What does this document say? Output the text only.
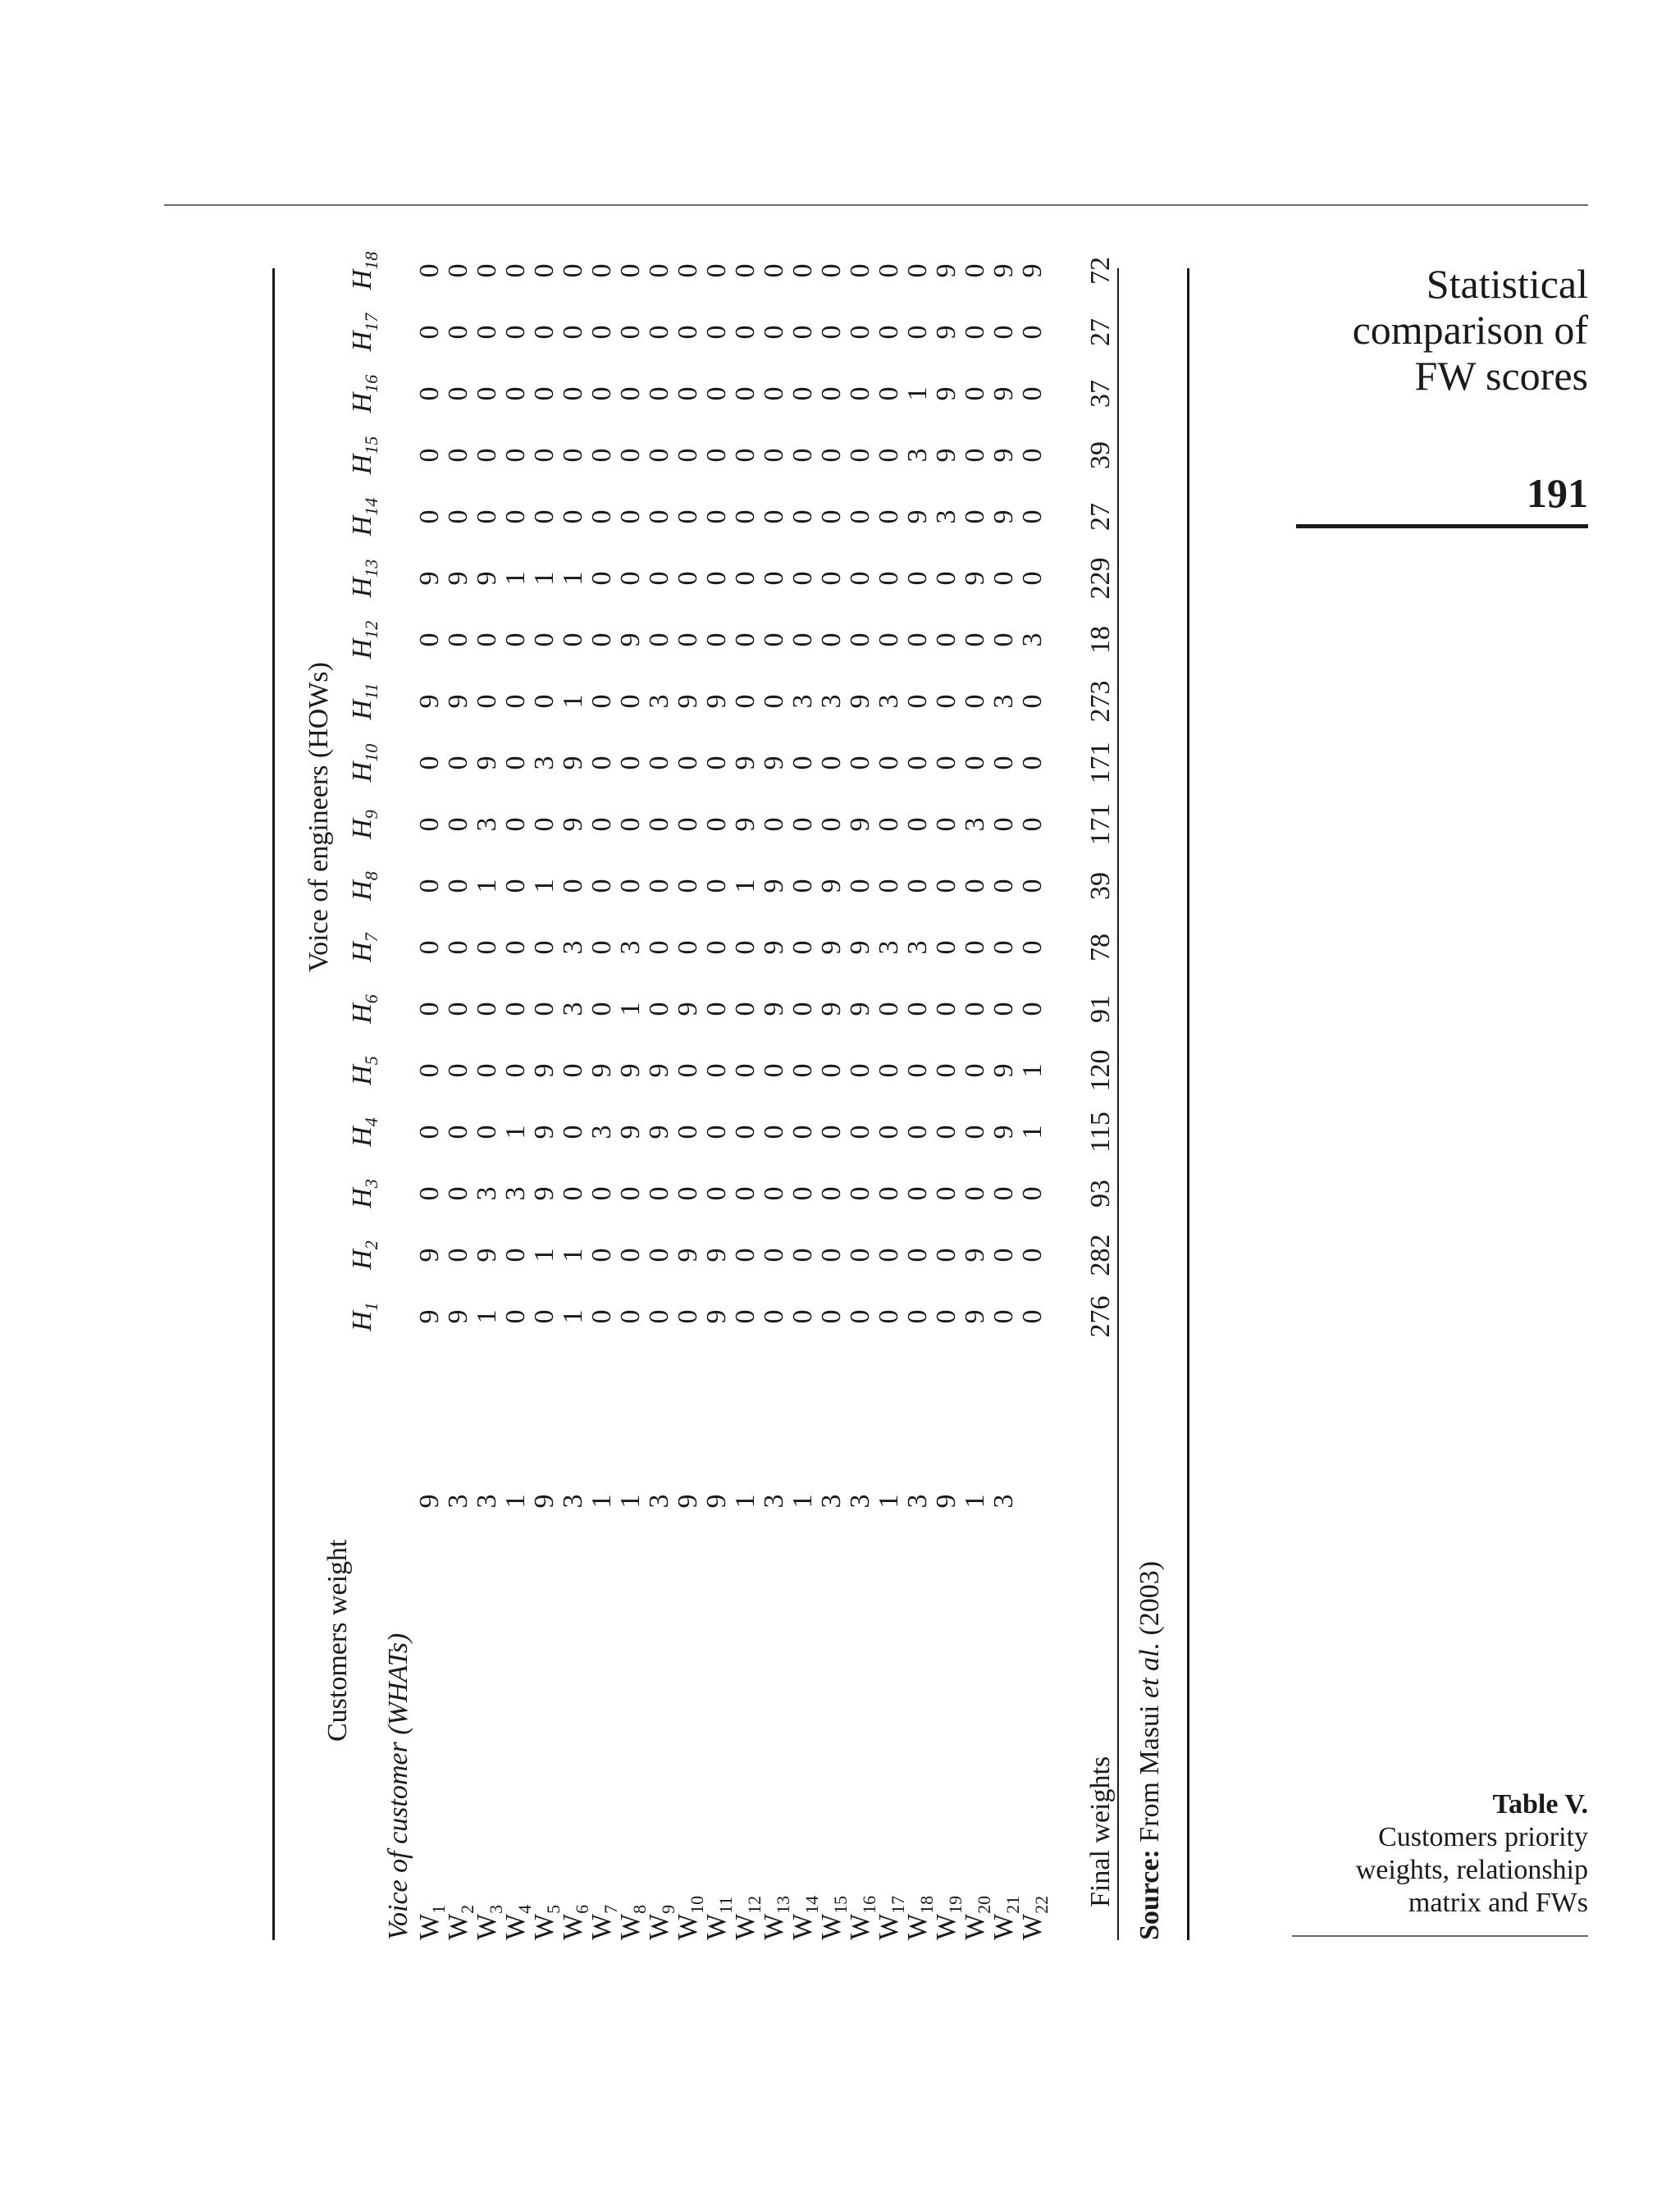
Statistical
comparison of
FW scores
191
Table V.
Customers priority
weights, relationship
matrix and FWs
Voice of engineers (HOWs)
Customers weight Voice of customer (WHATs)	Final weights Source: From Masui et al. (2003)
$H_1$
$H_2$
$H_3$
$H_4$
$H_5$
$H_6$
$H_7$
$H_8$
$H_9$
$H_{10}$
$H_{11}$
$H_{12}$
$H_{13}$
$H_{14}$
$H_{15}$
$H_{16}$
$H_{17}$
$H_{18}$
$W_1$
9
9
9
0
0
0
0
0
0
0
0
9
0
9
0
0
0
0
0
$W_2$
3
9
0
0
0
0
0
0
0
0
0
9
0
9
0
0
0
0
0
$W_3$
3
1
9
3
0
0
0
0
1
3
9
0
0
9
0
0
0
0
0
$W_4$
1
0
0
3
1
0
0
0
0
0
0
0
0
1
0
0
0
0
0
$W_5$
9
0
1
9
9
9
0
0
1
0
3
0
0
1
0
0
0
0
0
$W_6$
3
1
1
0
0
0
3
3
0
9
9
1
0
1
0
0
0
0
0
$W_7$
1
0
0
0
3
9
0
0
0
0
0
0
0
0
0
0
0
0
0
$W_8$
1
0
0
0
9
9
1
3
0
0
0
0
9
0
0
0
0
0
0
$W_9$
3
0
0
0
9
9
0
0
0
0
0
3
0
0
0
0
0
0
0
$W_{10}$
9
0
9
0
0
0
9
0
0
0
0
9
0
0
0
0
0
0
0
$W_{11}$
9
9
9
0
0
0
0
0
0
0
0
9
0
0
0
0
0
0
0
$W_{12}$
1
0
0
0
0
0
0
0
1
9
9
0
0
0
0
0
0
0
0
$W_{13}$
3
0
0
0
0
0
9
9
9
0
9
0
0
0
0
0
0
0
0
$W_{14}$
1
0
0
0
0
0
0
0
0
0
0
3
0
0
0
0
0
0
0
$W_{15}$
3
0
0
0
0
0
9
9
9
0
0
3
0
0
0
0
0
0
0
$W_{16}$
3
0
0
0
0
0
9
9
0
9
0
9
0
0
0
0
0
0
0
$W_{17}$
1
0
0
0
0
0
0
3
0
0
0
3
0
0
0
0
0
0
0
$W_{18}$
3
0
0
0
0
0
0
3
0
0
0
0
0
0
9
3
1
0
0
$W_{19}$
9
0
0
0
0
0
0
0
0
0
0
0
0
0
3
9
9
9
9
$W_{20}$
1
9
9
0
0
0
0
0
0
3
0
0
0
9
0
0
0
0
0
$W_{21}$
3
0
0
0
9
9
0
0
0
0
0
3
0
0
9
9
9
0
9
$W_{22}$
0
0
0
1
1
0
0
0
0
0
0
3
0
0
0
0
0
9
276
282
93
115
120
91
78
39
171
171
273
18
229
27
39
37
27
72
